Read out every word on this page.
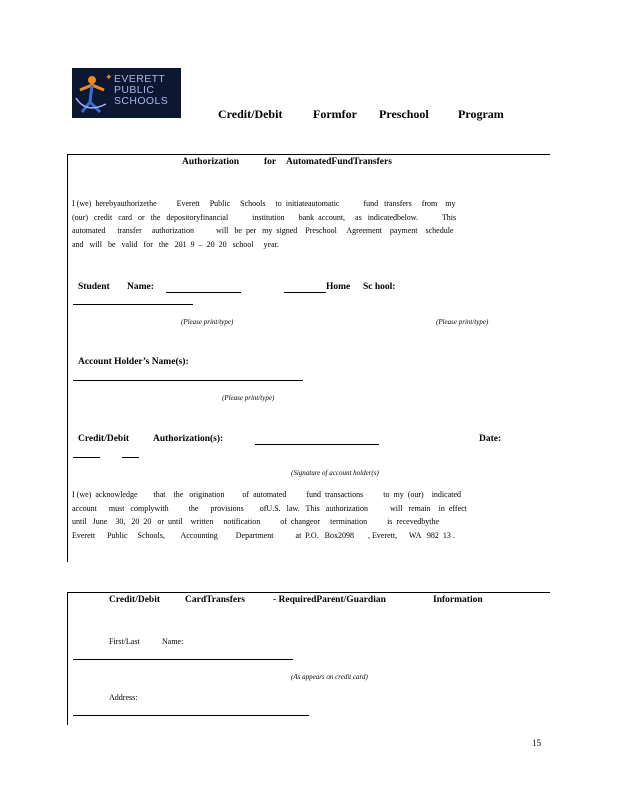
✦ EVERETT
PUBLIC
SCHOOLS
Credit/Debit	Formfor Preschool Program
Authorization	for AutomatedFundTransfers
I (we)  herebyauthorizethe          Everett     Public     Schools     to  initiateautomatic            fund   transfers     from    my
(our)   credit   card   or   the   depositoryfinancial            institution       bank  account,     as   indicatedbelow.            This
automated      transfer     authorization           will   be  per   my  signed    Preschool     Agreement    payment    schedule
and   will   be   valid   for   the   201  9  –  20  20   school     year.
Student Name:	Home Sc hool:
(Please print/type)	(Please print/type)
Account Holder’s Name(s):
(Please print/type)
Credit/Debit	Authorization(s):	Date:
(Signature of account holder(s)
I (we)  acknowledge        that    the   origination         of  automated          fund  transactions          to  my  (our)    indicated
account      must   complywith          the      provisions        ofU.S.   law.   This   authorization           will   remain    in  effect
until   June    30,   20  20   or  until    written     notification          of  changeor     termination          is  recevedbythe
Everett      Public     Schools,        Accounting         Department           at  P.O.   Box2098       , Everett,      WA   982  13 .
Credit/Debit	CardTransfers	- RequiredParent/Guardian	Information
First/Last	Name:
(As appears on credit card)
Address:
15
